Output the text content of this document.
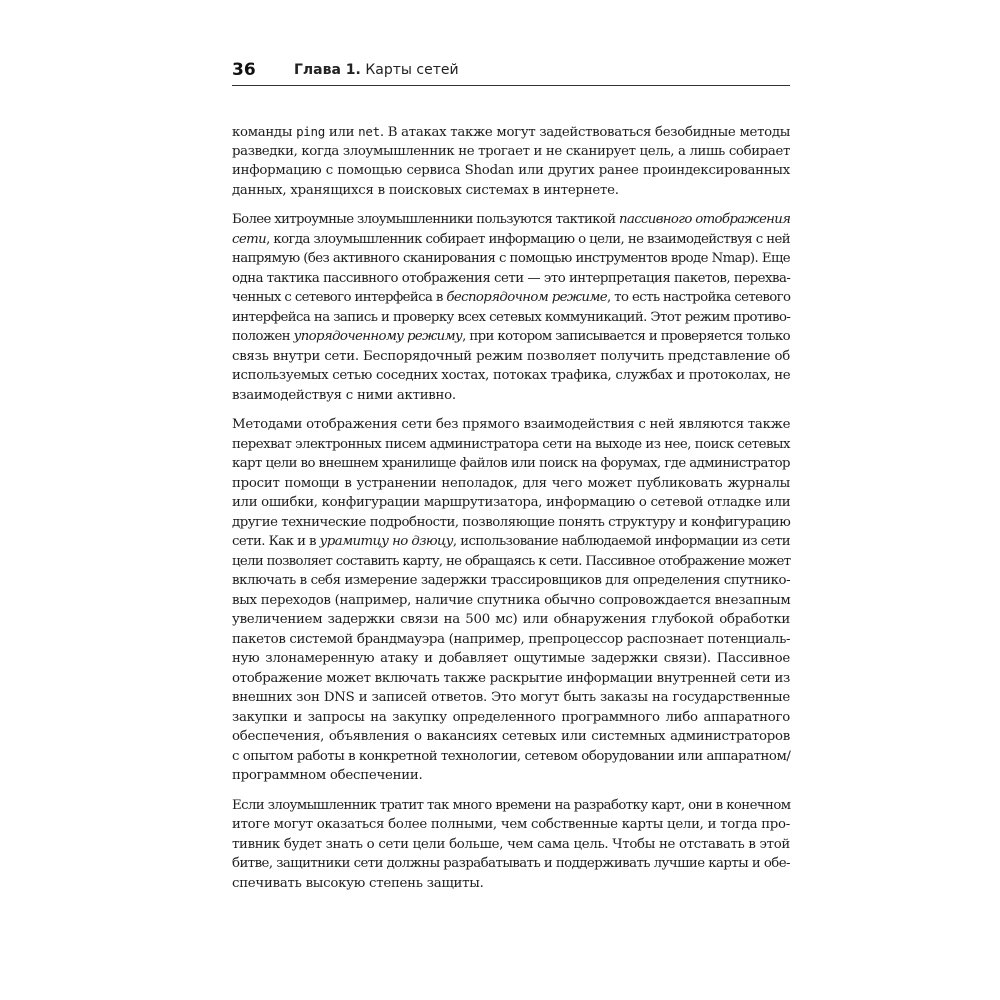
36	Глава 1. Карты сетей
команды ping или net. В атаках также могут задействоваться безобидные методы
разведки, когда злоумышленник не трогает и не сканирует цель, а лишь собирает
информацию с помощью сервиса Shodan или других ранее проиндексированных
данных, хранящихся в поисковых системах в интернете.
Более хитроумные злоумышленники пользуются тактикой пассивного отображения
сети, когда злоумышленник собирает информацию о цели, не взаимодействуя с ней
напрямую (без активного сканирования с помощью инструментов вроде Nmap). Еще
одна тактика пассивного отображения сети — это интерпретация пакетов, перехва-
ченных с сетевого интерфейса в беспорядочном режиме, то есть настройка сетевого
интерфейса на запись и проверку всех сетевых коммуникаций. Этот режим противо-
положен упорядоченному режиму, при котором записывается и проверяется только
связь внутри сети. Беспорядочный режим позволяет получить представление об
используемых сетью соседних хостах, потоках трафика, службах и протоколах, не
взаимодействуя с ними активно.
Методами отображения сети без прямого взаимодействия с ней являются также
перехват электронных писем администратора сети на выходе из нее, поиск сетевых
карт цели во внешнем хранилище файлов или поиск на форумах, где администратор
просит помощи в устранении неполадок, для чего может публиковать журналы
или ошибки, конфигурации маршрутизатора, информацию о сетевой отладке или
другие технические подробности, позволяющие понять структуру и конфигурацию
сети. Как и в урамитцу но дзюцу, использование наблюдаемой информации из сети
цели позволяет составить карту, не обращаясь к сети. Пассивное отображение может
включать в себя измерение задержки трассировщиков для определения спутнико-
вых переходов (например, наличие спутника обычно сопровождается внезапным
увеличением задержки связи на 500 мс) или обнаружения глубокой обработки
пакетов системой брандмауэра (например, препроцессор распознает потенциаль-
ную злонамеренную атаку и добавляет ощутимые задержки связи). Пассивное
отображение может включать также раскрытие информации внутренней сети из
внешних зон DNS и записей ответов. Это могут быть заказы на государственные
закупки и запросы на закупку определенного программного либо аппаратного
обеспечения, объявления о вакансиях сетевых или системных администраторов
с опытом работы в конкретной технологии, сетевом оборудовании или аппаратном/
программном обеспечении.
Если злоумышленник тратит так много времени на разработку карт, они в конечном
итоге могут оказаться более полными, чем собственные карты цели, и тогда про-
тивник будет знать о сети цели больше, чем сама цель. Чтобы не отставать в этой
битве, защитники сети должны разрабатывать и поддерживать лучшие карты и обе-
спечивать высокую степень защиты.
